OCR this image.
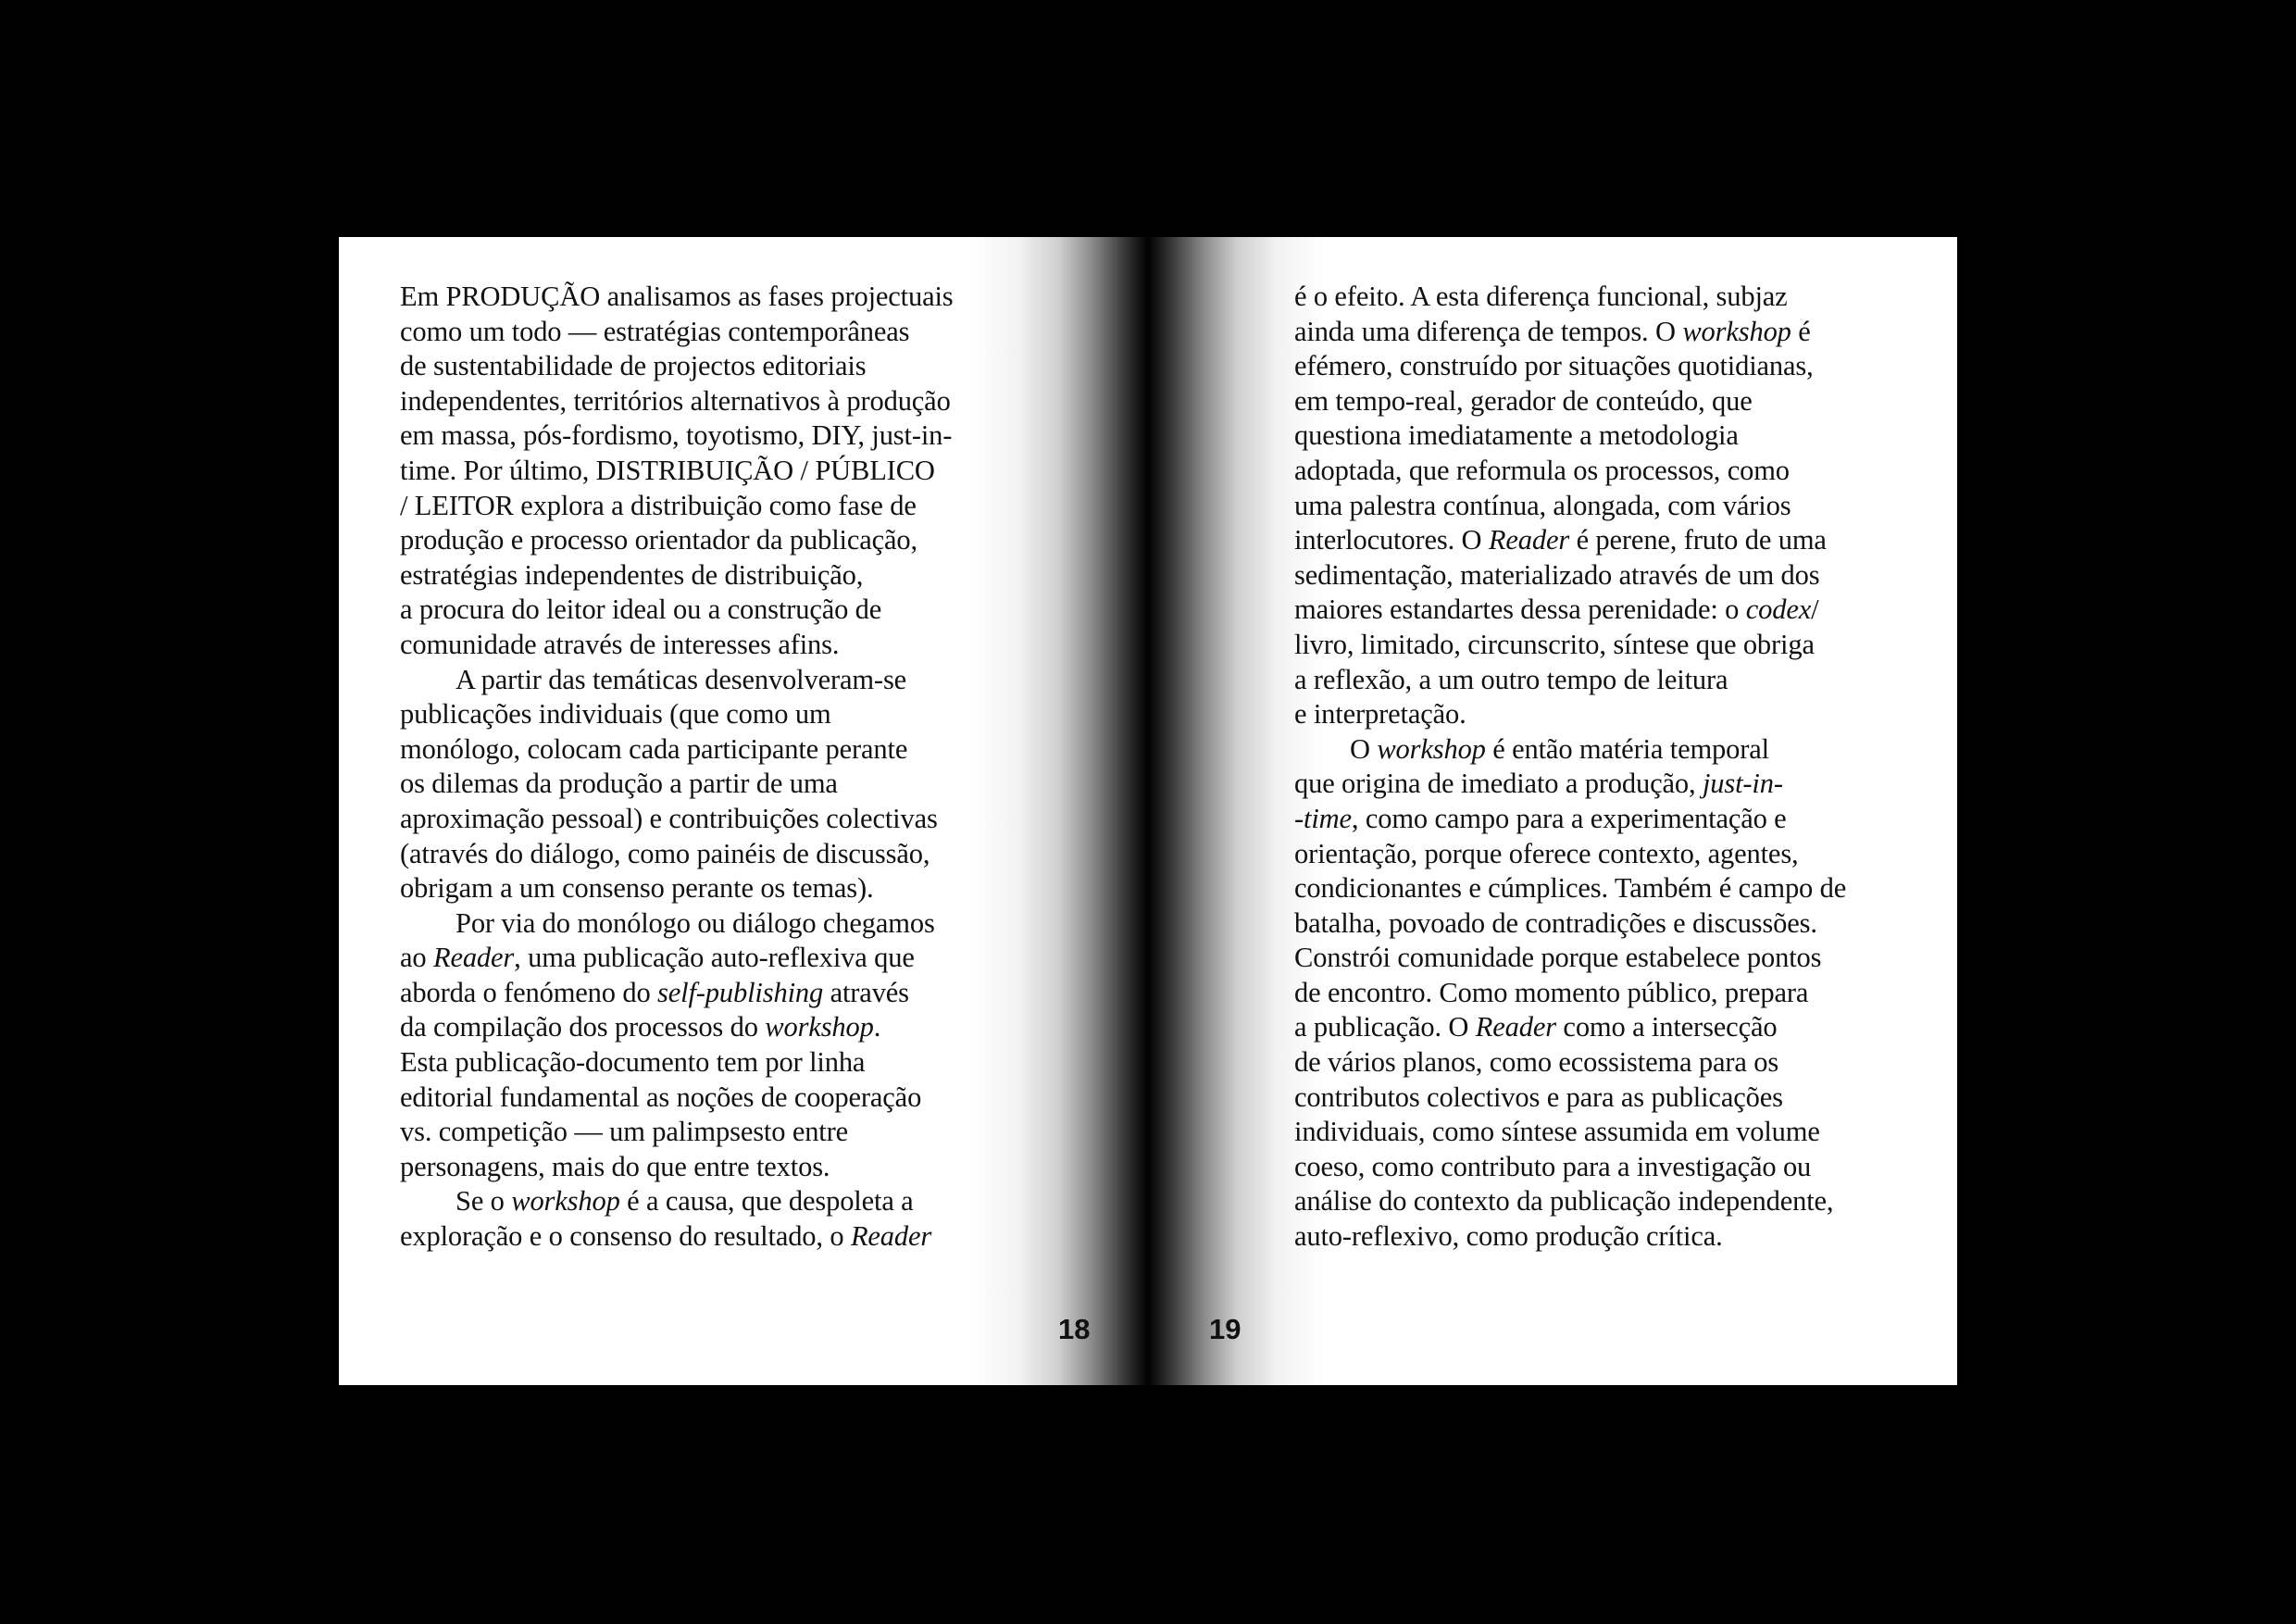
Em PRODUÇÃO analisamos as fases projectuais
como um todo — estratégias contemporâneas
de sustentabilidade de projectos editoriais
independentes, territórios alternativos à produção
em massa, pós-fordismo, toyotismo, DIY, just-in-
time. Por último, DISTRIBUIÇÃO / PÚBLICO
/ LEITOR explora a distribuição como fase de
produção e processo orientador da publicação,
estratégias independentes de distribuição,
a procura do leitor ideal ou a construção de
comunidade através de interesses afins.
A partir das temáticas desenvolveram-se
publicações individuais (que como um
monólogo, colocam cada participante perante
os dilemas da produção a partir de uma
aproximação pessoal) e contribuições colectivas
(através do diálogo, como painéis de discussão,
obrigam a um consenso perante os temas).
Por via do monólogo ou diálogo chegamos
ao Reader, uma publicação auto-reflexiva que
aborda o fenómeno do self-publishing através
da compilação dos processos do workshop.
Esta publicação-documento tem por linha
editorial fundamental as noções de cooperação
vs. competição — um palimpsesto entre
personagens, mais do que entre textos.
Se o workshop é a causa, que despoleta a
exploração e o consenso do resultado, o Reader
18
é o efeito. A esta diferença funcional, subjaz
ainda uma diferença de tempos. O workshop é
efémero, construído por situações quotidianas,
em tempo-real, gerador de conteúdo, que
questiona imediatamente a metodologia
adoptada, que reformula os processos, como
uma palestra contínua, alongada, com vários
interlocutores. O Reader é perene, fruto de uma
sedimentação, materializado através de um dos
maiores estandartes dessa perenidade: o codex/
livro, limitado, circunscrito, síntese que obriga
a reflexão, a um outro tempo de leitura
e interpretação.
O workshop é então matéria temporal
que origina de imediato a produção, just-in-
-time, como campo para a experimentação e
orientação, porque oferece contexto, agentes,
condicionantes e cúmplices. Também é campo de
batalha, povoado de contradições e discussões.
Constrói comunidade porque estabelece pontos
de encontro. Como momento público, prepara
a publicação. O Reader como a intersecção
de vários planos, como ecossistema para os
contributos colectivos e para as publicações
individuais, como síntese assumida em volume
coeso, como contributo para a investigação ou
análise do contexto da publicação independente,
auto-reflexivo, como produção crítica.
19
